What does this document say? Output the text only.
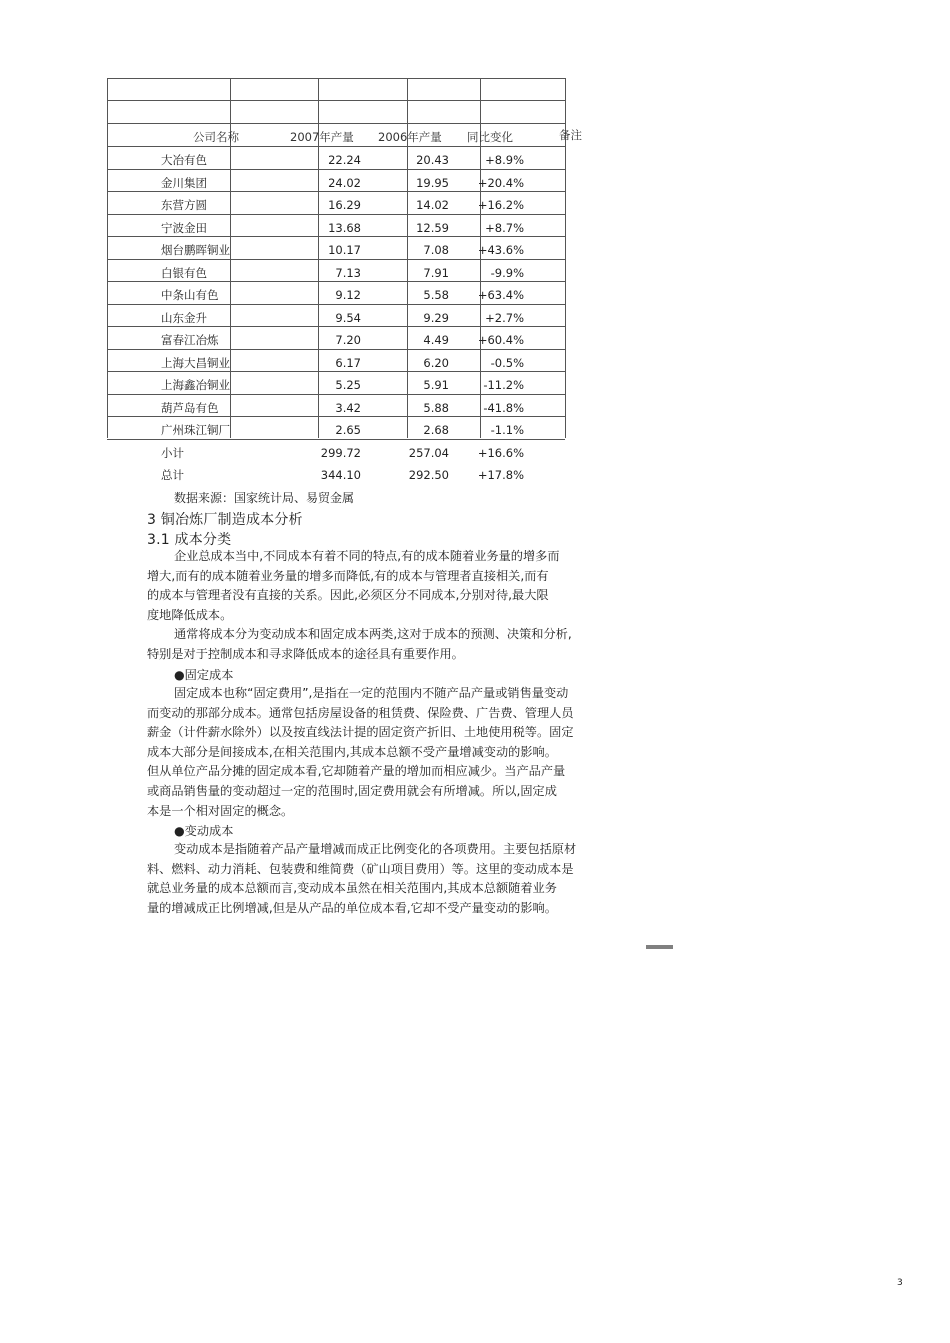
公司名称	2007年产量 2006年产量 同比变化	备注
大冶有色	22.24	20.43	+8.9%
金川集团	24.02	19.95	+20.4%
东营方圆	16.29	14.02	+16.2%
宁波金田	13.68	12.59	+8.7%
烟台鹏晖铜业	10.17	7.08	+43.6%
白银有色	7.13	7.91	-9.9%
中条山有色	9.12	5.58	+63.4%
山东金升	9.54	9.29	+2.7%
富春江冶炼	7.20	4.49	+60.4%
上海大昌铜业	6.17	6.20	-0.5%
上海鑫冶铜业	5.25	5.91	-11.2%
葫芦岛有色	3.42	5.88	-41.8%
广州珠江铜厂	2.65	2.68	-1.1%
小计	299.72	257.04	+16.6%
总计	344.10	292.50	+17.8%
数据来源：国家统计局、易贸金属
3 铜冶炼厂制造成本分析
3.1 成本分类

企业总成本当中,不同成本有着不同的特点,有的成本随着业务量的增多而

增大,而有的成本随着业务量的增多而降低,有的成本与管理者直接相关,而有

的成本与管理者没有直接的关系。因此,必须区分不同成本,分别对待,最大限

度地降低成本。

通常将成本分为变动成本和固定成本两类,这对于成本的预测、决策和分析,

特别是对于控制成本和寻求降低成本的途径具有重要作用。

●固定成本

固定成本也称“固定费用”,是指在一定的范围内不随产品产量或销售量变动

而变动的那部分成本。通常包括房屋设备的租赁费、保险费、广告费、管理人员

薪金（计件薪水除外）以及按直线法计提的固定资产折旧、土地使用税等。固定

成本大部分是间接成本,在相关范围内,其成本总额不受产量增减变动的影响。

但从单位产品分摊的固定成本看,它却随着产量的增加而相应减少。当产品产量

或商品销售量的变动超过一定的范围时,固定费用就会有所增减。所以,固定成

本是一个相对固定的概念。

●变动成本

变动成本是指随着产品产量增减而成正比例变化的各项费用。主要包括原材

料、燃料、动力消耗、包装费和维简费（矿山项目费用）等。这里的变动成本是

就总业务量的成本总额而言,变动成本虽然在相关范围内,其成本总额随着业务

量的增减成正比例增减,但是从产品的单位成本看,它却不受产量变动的影响。

3
